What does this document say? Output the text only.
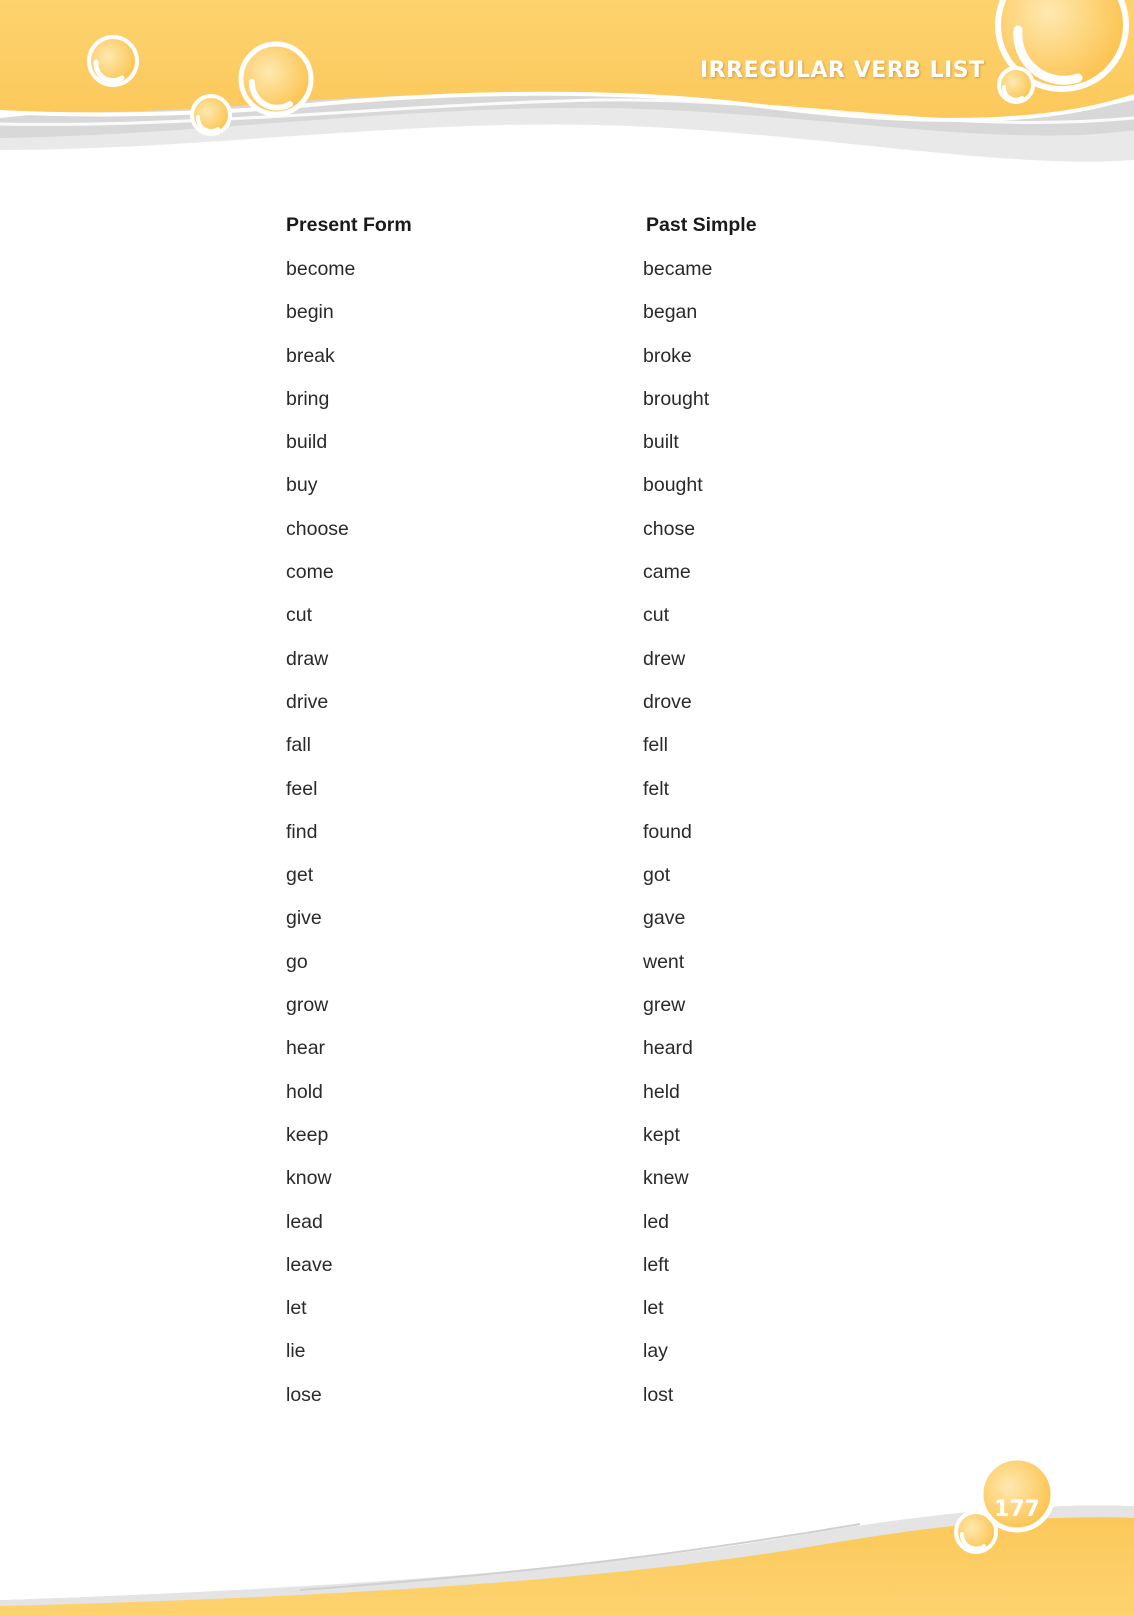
IRREGULAR VERB LIST
Present Form	Past Simple
become	became
begin	began
break	broke
bring	brought
build	built
buy	bought
choose	chose
come	came
cut	cut
draw	drew
drive	drove
fall	fell
feel	felt
find	found
get	got
give	gave
go	went
grow	grew
hear	heard
hold	held
keep	kept
know	knew
lead	led
leave	left
let	let
lie	lay
lose	lost
177
